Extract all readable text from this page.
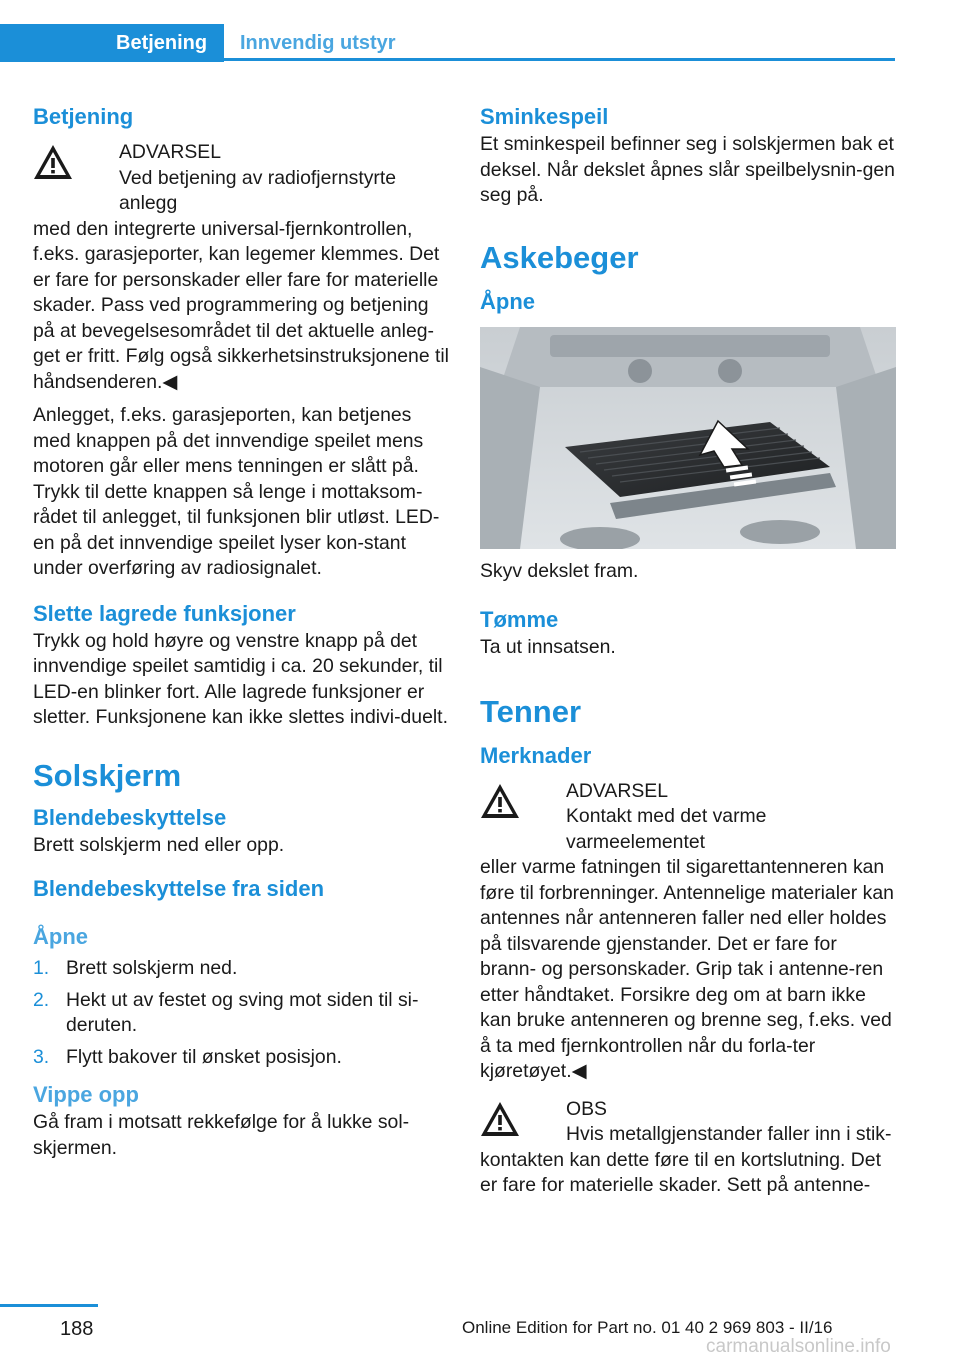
Betjening	Innvendig utstyr
Betjening

ADVARSEL

Ved betjening av radiofjernstyrte anlegg

med den integrerte universal-fjernkontrollen, f.eks. garasjeporter, kan legemer klemmes. Det er fare for personskader eller fare for materielle skader. Pass ved programmering og betjening på at bevegelsesområdet til det aktuelle anleg‐get er fritt. Følg også sikkerhetsinstruksjonene til håndsenderen.◀

Anlegget, f.eks. garasjeporten, kan betjenes med knappen på det innvendige speilet mens motoren går eller mens tenningen er slått på. Trykk til dette knappen så lenge i mottaksom‐rådet til anlegget, til funksjonen blir utløst. LED-en på det innvendige speilet lyser kon‐stant under overføring av radiosignalet.

Slette lagrede funksjoner

Trykk og hold høyre og venstre knapp på det innvendige speilet samtidig i ca. 20 sekunder, til LED-en blinker fort. Alle lagrede funksjoner er sletter. Funksjonene kan ikke slettes indivi‐duelt.

Solskjerm
Blendebeskyttelse

Brett solskjerm ned eller opp.

Blendebeskyttelse fra siden
Åpne
1. Brett solskjerm ned.
2. Hekt ut av festet og sving mot siden til si‐deruten.
3. Flytt bakover til ønsket posisjon.
Vippe opp

Gå fram i motsatt rekkefølge for å lukke sol‐skjermen.

Sminkespeil

Et sminkespeil befinner seg i solskjermen bak et deksel. Når dekslet åpnes slår speilbelysnin‐gen seg på.

Askebeger
Åpne

Skyv dekslet fram.

Tømme

Ta ut innsatsen.

Tenner
Merknader

ADVARSEL

Kontakt med det varme varmeelementet

eller varme fatningen til sigarettantenneren kan føre til forbrenninger. Antennelige materialer kan antennes når antenneren faller ned eller holdes på tilsvarende gjenstander. Det er fare for brann- og personskader. Grip tak i antenne‐ren etter håndtaket. Forsikre deg om at barn ikke kan bruke antenneren og brenne seg, f.eks. ved å ta med fjernkontrollen når du forla‐ter kjøretøyet.◀

OBS

Hvis metallgjenstander faller inn i stik‐

kontakten kan dette føre til en kortslutning. Det er fare for materielle skader. Sett på antenne‐

188	Online Edition for Part no. 01 40 2 969 803 - II/16
carmanualsonline.info
